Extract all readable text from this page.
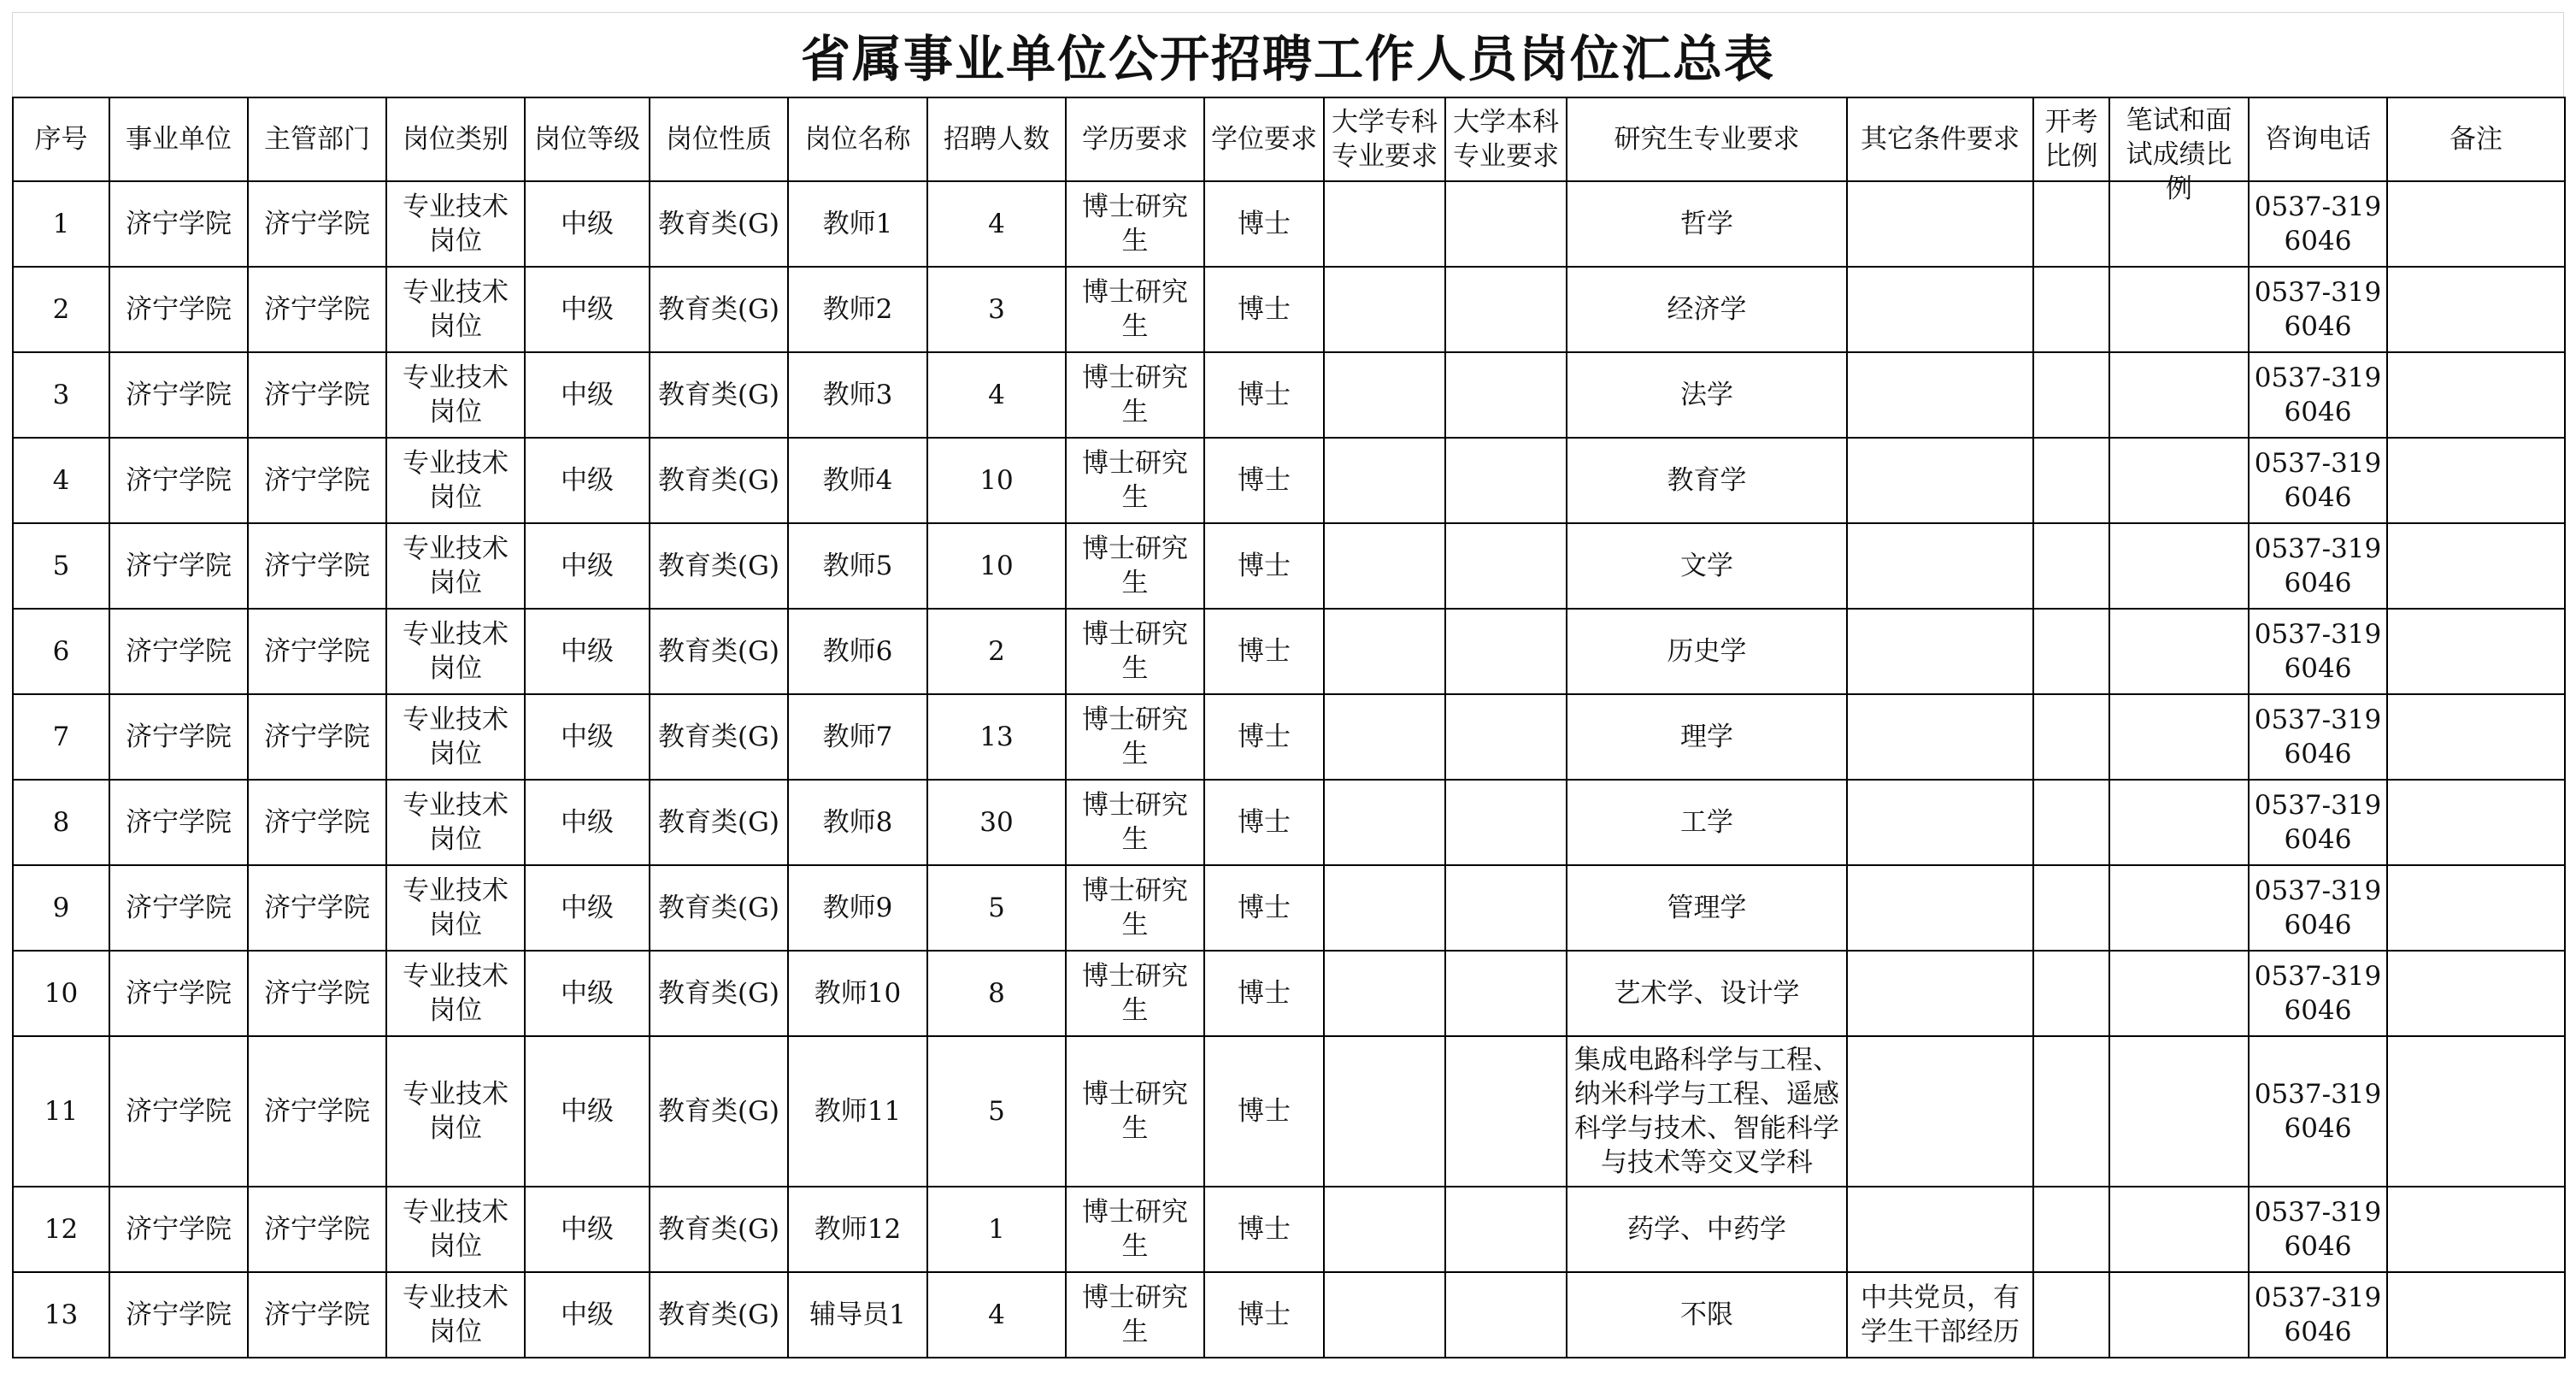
省属事业单位公开招聘工作人员岗位汇总表
序号	事业单位	主管部门	岗位类别	岗位等级	岗位性质	岗位名称	招聘人数	学历要求	学位要求	大学专科专业要求	大学本科专业要求	研究生专业要求	其它条件要求	开考比例	笔试和面试成绩比例	咨询电话	备注

1	济宁学院	济宁学院	专业技术岗位	中级	教育类(G)	教师1	4	博士研究生	博士			哲学				0537-3196046	

2	济宁学院	济宁学院	专业技术岗位	中级	教育类(G)	教师2	3	博士研究生	博士			经济学				0537-3196046	

3	济宁学院	济宁学院	专业技术岗位	中级	教育类(G)	教师3	4	博士研究生	博士			法学				0537-3196046	

4	济宁学院	济宁学院	专业技术岗位	中级	教育类(G)	教师4	10	博士研究生	博士			教育学				0537-3196046	

5	济宁学院	济宁学院	专业技术岗位	中级	教育类(G)	教师5	10	博士研究生	博士			文学				0537-3196046	

6	济宁学院	济宁学院	专业技术岗位	中级	教育类(G)	教师6	2	博士研究生	博士			历史学				0537-3196046	

7	济宁学院	济宁学院	专业技术岗位	中级	教育类(G)	教师7	13	博士研究生	博士			理学				0537-3196046	

8	济宁学院	济宁学院	专业技术岗位	中级	教育类(G)	教师8	30	博士研究生	博士			工学				0537-3196046	

9	济宁学院	济宁学院	专业技术岗位	中级	教育类(G)	教师9	5	博士研究生	博士			管理学				0537-3196046	

10	济宁学院	济宁学院	专业技术岗位	中级	教育类(G)	教师10	8	博士研究生	博士			艺术学、设计学				0537-3196046	

11	济宁学院	济宁学院	专业技术岗位	中级	教育类(G)	教师11	5	博士研究生	博士			集成电路科学与工程、纳米科学与工程、遥感科学与技术、智能科学与技术等交叉学科				0537-3196046	

12	济宁学院	济宁学院	专业技术岗位	中级	教育类(G)	教师12	1	博士研究生	博士			药学、中药学				0537-3196046	

13	济宁学院	济宁学院	专业技术岗位	中级	教育类(G)	辅导员1	4	博士研究生	博士			不限	中共党员，有学生干部经历			0537-3196046	
